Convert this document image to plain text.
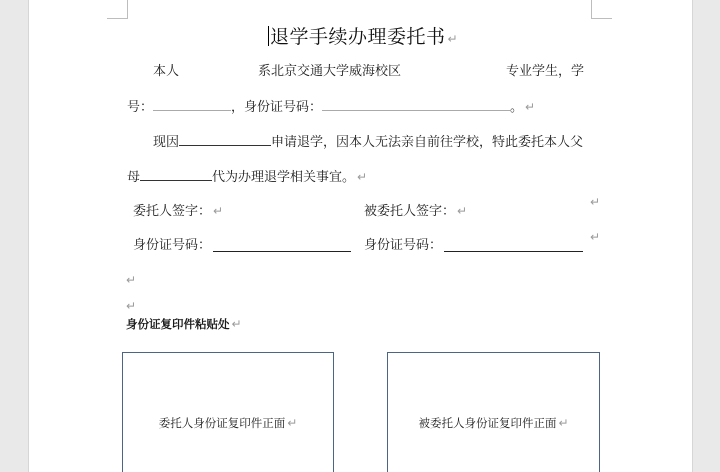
退学手续办理委托书 ↵
本人	系北京交通大学威海校区	专业学生，学
号：	，身份证号码：	。 ↵
现因	申请退学，因本人无法亲自前往学校，特此委托本人父
母	代为办理退学相关事宜。 ↵
委托人签字： ↵	被委托人签字： ↵
↵
身份证号码：	身份证号码：
↵
↵
↵
身份证复印件粘贴处 ↵
委托人身份证复印件正面 ↵	被委托人身份证复印件正面 ↵
